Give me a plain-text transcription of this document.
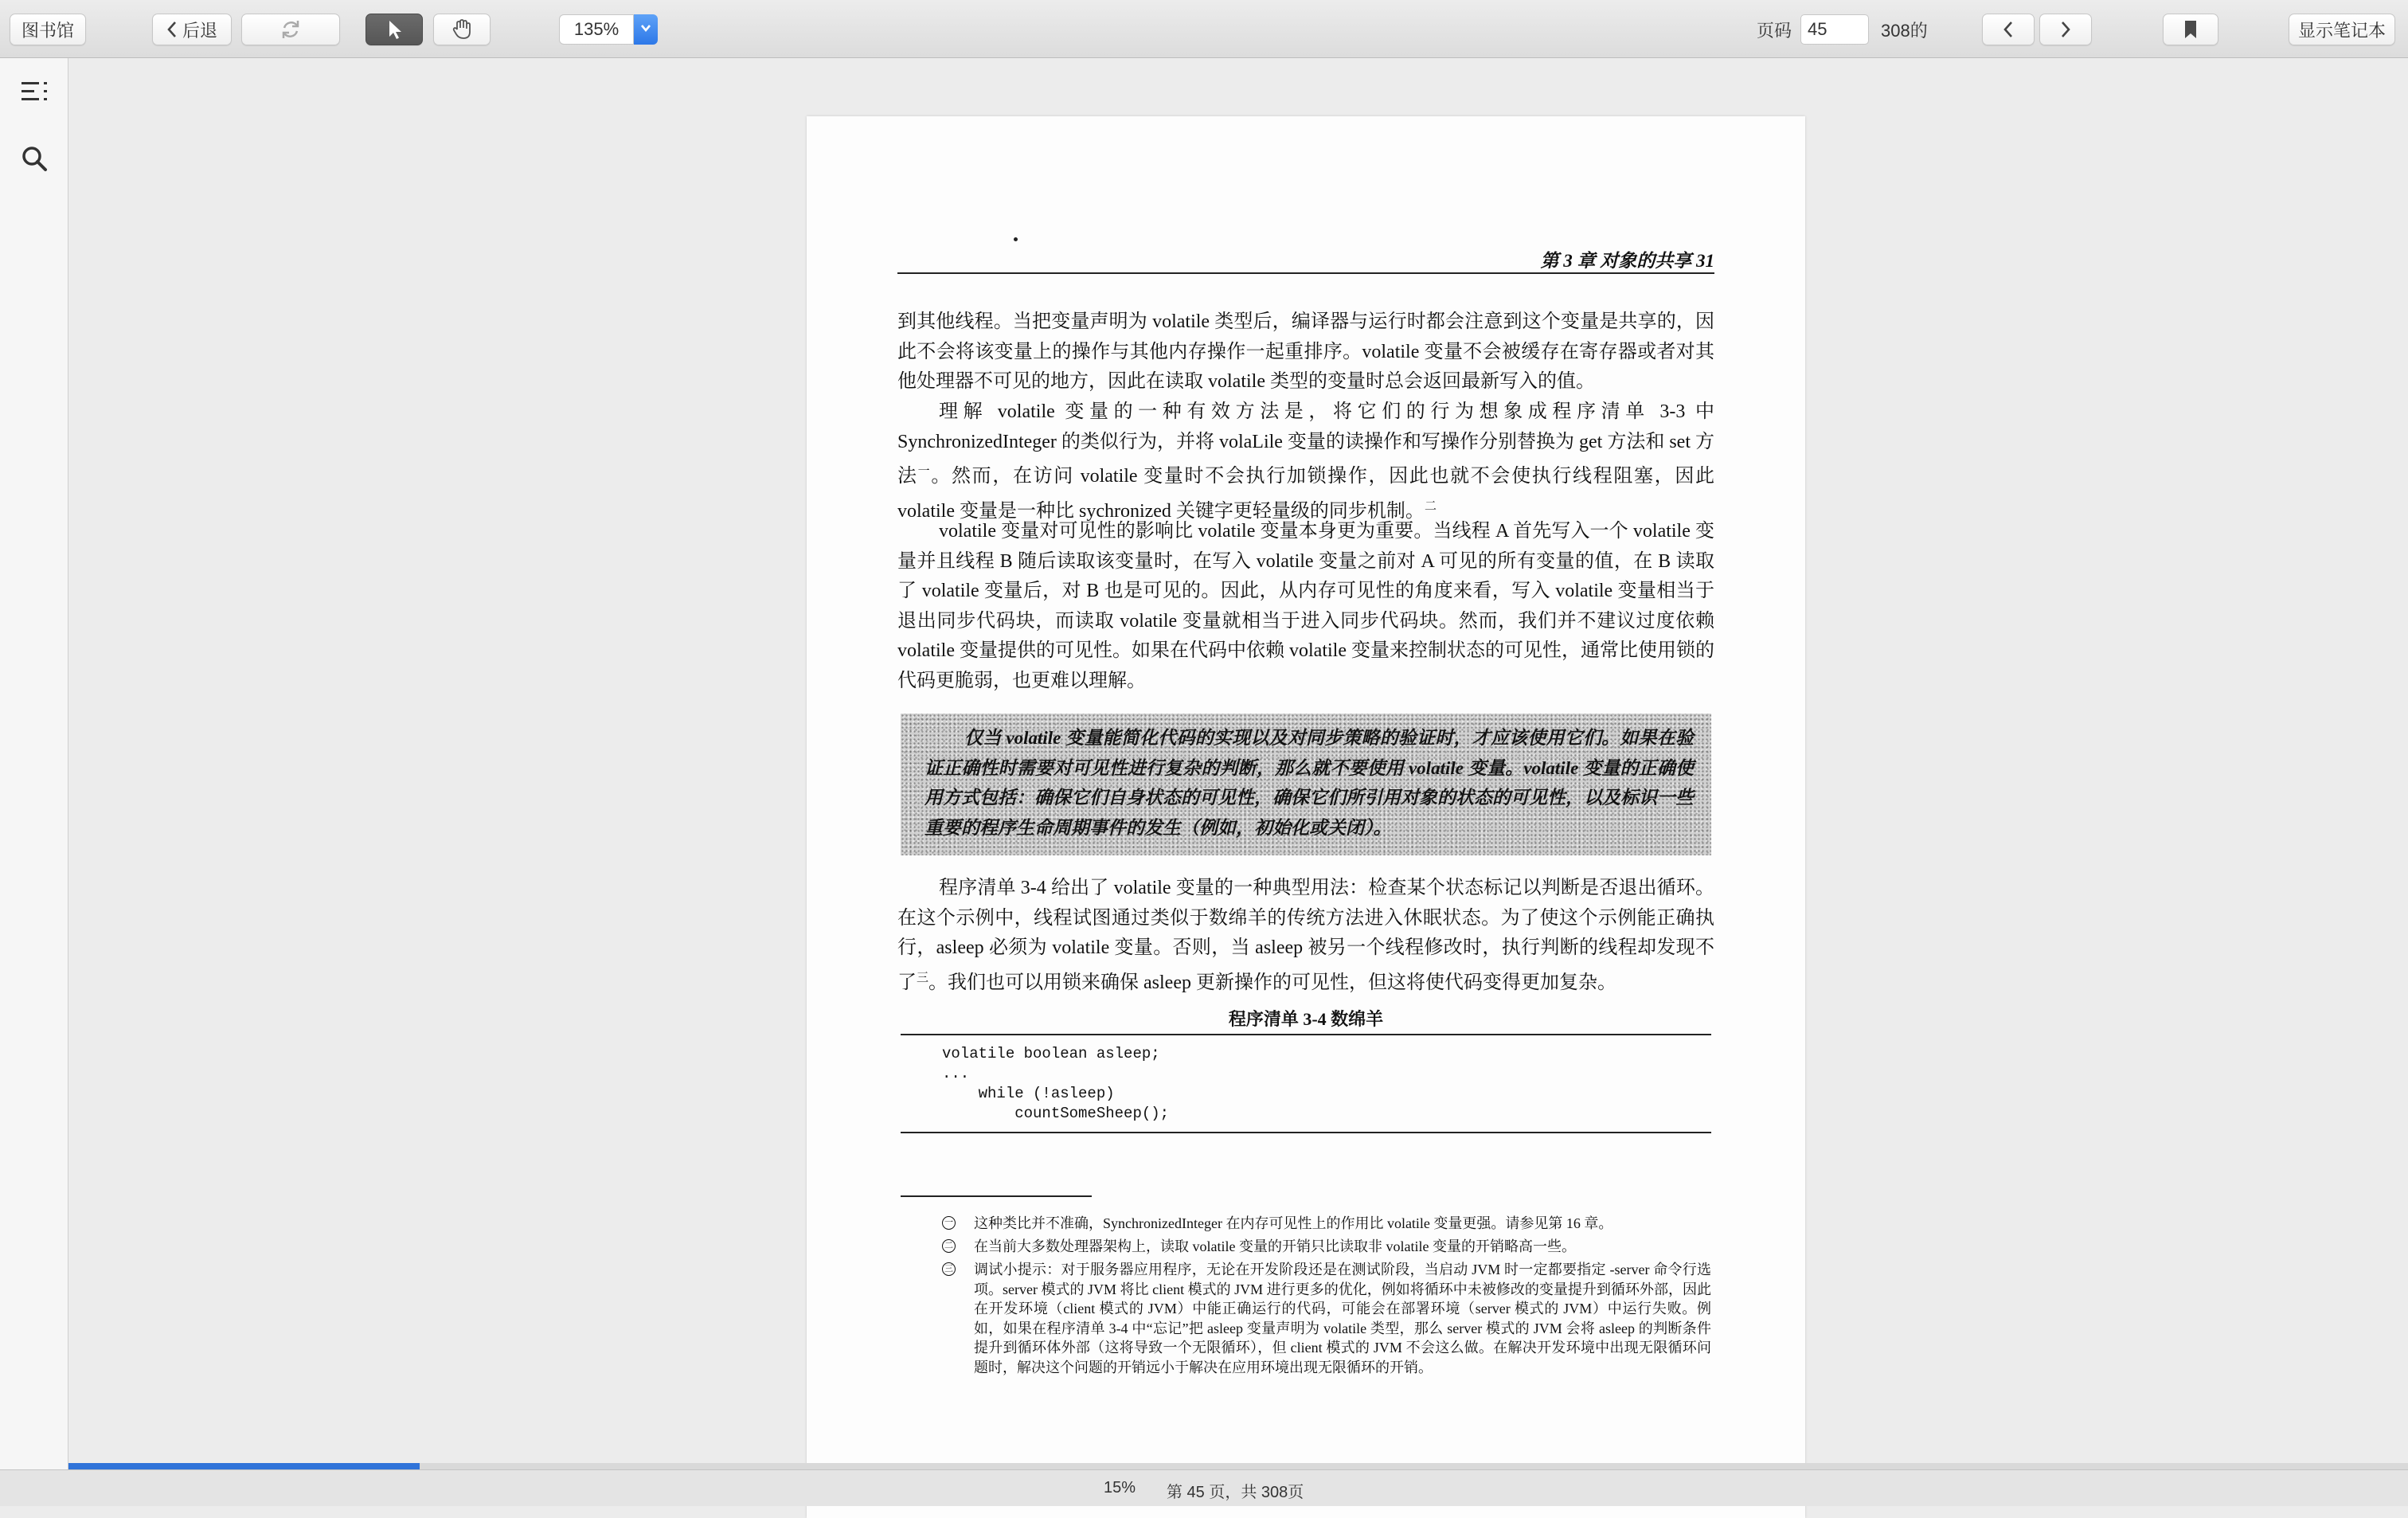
图书馆	后退	135%	页码
45	308的	显示笔记本
第 3 章 对象的共享 31

到其他线程。当把变量声明为 volatile 类型后，编译器与运行时都会注意到这个变量是共享的，因此不会将该变量上的操作与其他内存操作一起重排序。volatile 变量不会被缓存在寄存器或者对其他处理器不可见的地方，因此在读取 volatile 类型的变量时总会返回最新写入的值。

理解 volatile 变量的一种有效方法是，将它们的行为想象成程序清单 3-3 中 SynchronizedInteger 的类似行为，并将 volaLile 变量的读操作和写操作分别替换为 get 方法和 set 方法$^一$。然而，在访问 volatile 变量时不会执行加锁操作，因此也就不会使执行线程阻塞，因此 volatile 变量是一种比 sychronized 关键字更轻量级的同步机制。$^二$

volatile 变量对可见性的影响比 volatile 变量本身更为重要。当线程 A 首先写入一个 volatile 变量并且线程 B 随后读取该变量时，在写入 volatile 变量之前对 A 可见的所有变量的值，在 B 读取了 volatile 变量后，对 B 也是可见的。因此，从内存可见性的角度来看，写入 volatile 变量相当于退出同步代码块，而读取 volatile 变量就相当于进入同步代码块。然而，我们并不建议过度依赖 volatile 变量提供的可见性。如果在代码中依赖 volatile 变量来控制状态的可见性，通常比使用锁的代码更脆弱，也更难以理解。

仅当 volatile 变量能简化代码的实现以及对同步策略的验证时，才应该使用它们。如果在验证正确性时需要对可见性进行复杂的判断，那么就不要使用 volatile 变量。volatile 变量的正确使用方式包括：确保它们自身状态的可见性，确保它们所引用对象的状态的可见性，以及标识一些重要的程序生命周期事件的发生（例如，初始化或关闭）。

程序清单 3-4 给出了 volatile 变量的一种典型用法：检查某个状态标记以判断是否退出循环。在这个示例中，线程试图通过类似于数绵羊的传统方法进入休眠状态。为了使这个示例能正确执行，asleep 必须为 volatile 变量。否则，当 asleep 被另一个线程修改时，执行判断的线程却发现不了$^三$。我们也可以用锁来确保 asleep 更新操作的可见性，但这将使代码变得更加复杂。

程序清单 3-4 数绵羊
volatile boolean asleep;
...
while (!asleep)
countSomeSheep();
一 这种类比并不准确，SynchronizedInteger 在内存可见性上的作用比 volatile 变量更强。请参见第 16 章。
二 在当前大多数处理器架构上，读取 volatile 变量的开销只比读取非 volatile 变量的开销略高一些。
三 调试小提示：对于服务器应用程序，无论在开发阶段还是在测试阶段，当启动 JVM 时一定都要指定 -server 命令行选项。server 模式的 JVM 将比 client 模式的 JVM 进行更多的优化，例如将循环中未被修改的变量提升到循环外部，因此在开发环境（client 模式的 JVM）中能正确运行的代码，可能会在部署环境（server 模式的 JVM）中运行失败。例如，如果在程序清单 3-4 中“忘记”把 asleep 变量声明为 volatile 类型，那么 server 模式的 JVM 会将 asleep 的判断条件提升到循环体外部（这将导致一个无限循环），但 client 模式的 JVM 不会这么做。在解决开发环境中出现无限循环问题时，解决这个问题的开销远小于解决在应用环境出现无限循环的开销。
15% 第 45 页，共 308页
